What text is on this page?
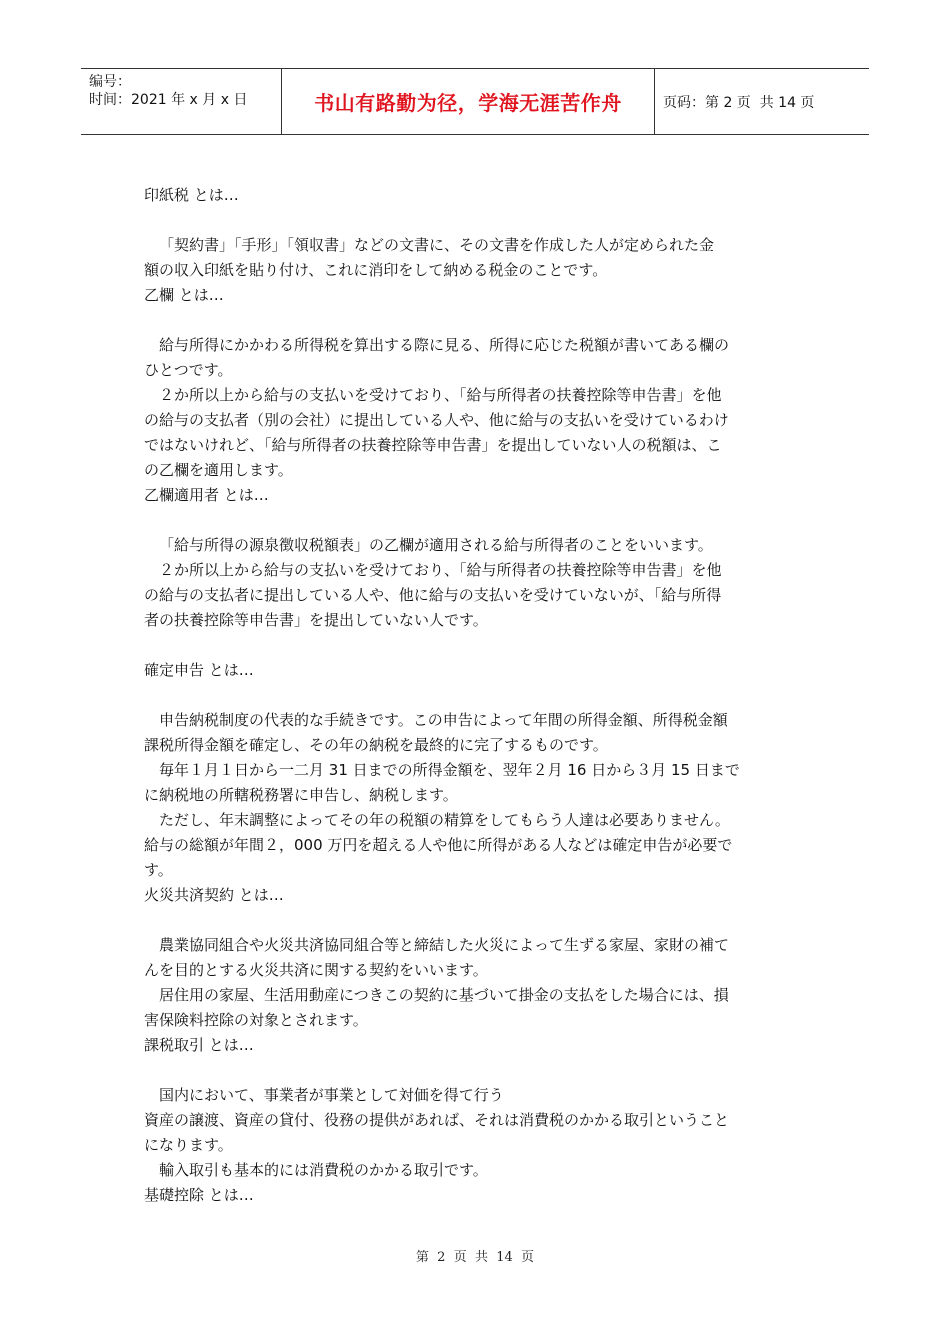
编号：
时间：2021 年 x 月 x 日	书山有路勤为径，学海无涯苦作舟	页码：第 2 页  共 14 页

印紙税 とは…

「契約書」「手形」「領収書」などの文書に、その文書を作成した人が定められた金

額の収入印紙を貼り付け、これに消印をして納める税金のことです。

乙欄 とは…

給与所得にかかわる所得税を算出する際に見る、所得に応じた税額が書いてある欄の

ひとつです。

２か所以上から給与の支払いを受けており、「給与所得者の扶養控除等申告書」を他

の給与の支払者（別の会社）に提出している人や、他に給与の支払いを受けているわけ

ではないけれど、「給与所得者の扶養控除等申告書」を提出していない人の税額は、こ

の乙欄を適用します。

乙欄適用者 とは…

「給与所得の源泉徴収税額表」の乙欄が適用される給与所得者のことをいいます。

２か所以上から給与の支払いを受けており、「給与所得者の扶養控除等申告書」を他

の給与の支払者に提出している人や、他に給与の支払いを受けていないが、「給与所得

者の扶養控除等申告書」を提出していない人です。

確定申告 とは…

申告納税制度の代表的な手続きです。この申告によって年間の所得金額、所得税金額

課税所得金額を確定し、その年の納税を最終的に完了するものです。

毎年１月１日から一二月 31 日までの所得金額を、翌年２月 16 日から３月 15 日まで

に納税地の所轄税務署に申告し、納税します。

ただし、年末調整によってその年の税額の精算をしてもらう人達は必要ありません。

給与の総額が年間２，000 万円を超える人や他に所得がある人などは確定申告が必要で

す。

火災共済契約 とは…

農業協同組合や火災共済協同組合等と締結した火災によって生ずる家屋、家財の補て

んを目的とする火災共済に関する契約をいいます。

居住用の家屋、生活用動産につきこの契約に基づいて掛金の支払をした場合には、損

害保険料控除の対象とされます。

課税取引 とは…

国内において、事業者が事業として対価を得て行う

資産の譲渡、資産の貸付、役務の提供があれば、それは消費税のかかる取引ということ

になります。

輸入取引も基本的には消費税のかかる取引です。

基礎控除 とは…

第  2  页  共  14  页
